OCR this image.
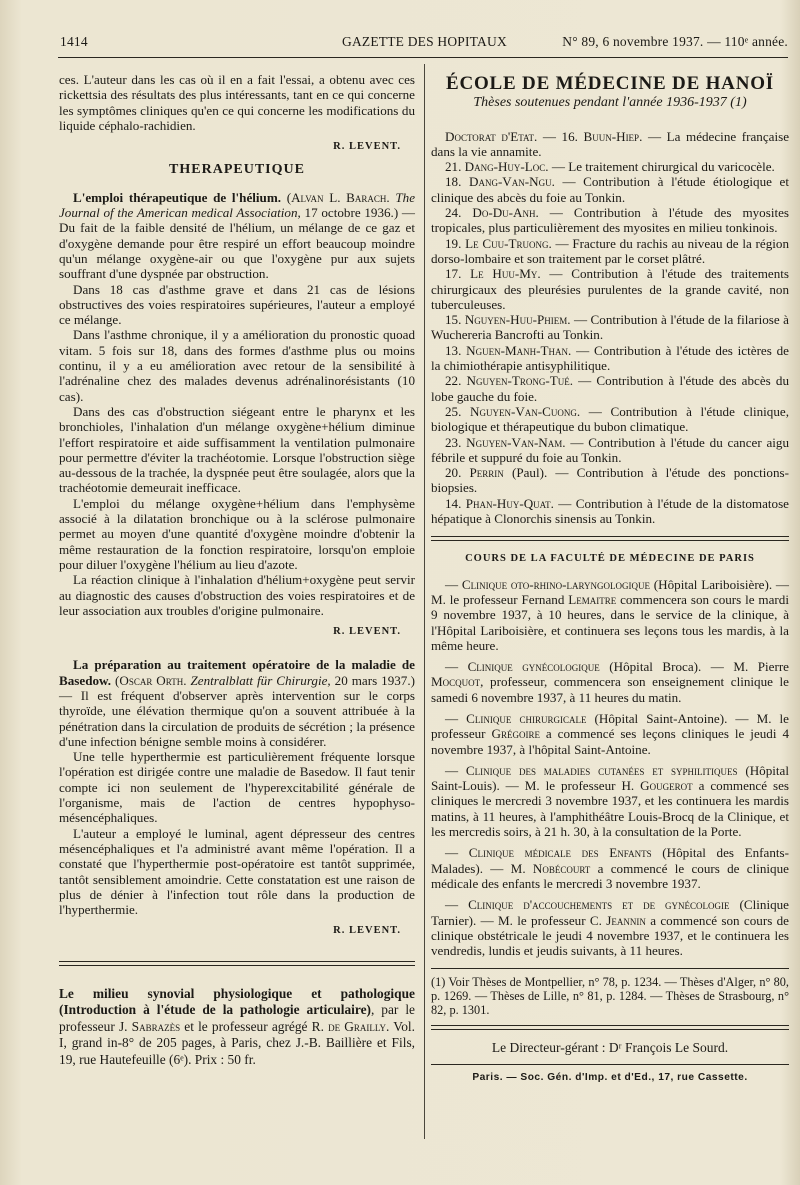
1414	GAZETTE DES HOPITAUX	N° 89, 6 novembre 1937. — 110ᵉ année.

ces. L'auteur dans les cas où il en a fait l'essai, a obtenu avec ces rickettsia des résultats des plus intéressants, tant en ce qui concerne les symptômes cliniques qu'en ce qui concerne les modifications du liquide céphalo-rachidien.

R. LEVENT.
THERAPEUTIQUE

L'emploi thérapeutique de l'hélium. (Alvan L. Barach. The Journal of the American medical Association, 17 octobre 1936.) — Du fait de la faible densité de l'hélium, un mélange de ce gaz et d'oxygène demande pour être respiré un effort beaucoup moindre qu'un mélange oxygène-air ou que l'oxygène pur aux sujets souffrant d'une dyspnée par obstruction.

Dans 18 cas d'asthme grave et dans 21 cas de lésions obstructives des voies respiratoires supérieures, l'auteur a employé ce mélange.

Dans l'asthme chronique, il y a amélioration du pronostic quoad vitam. 5 fois sur 18, dans des formes d'asthme plus ou moins continu, il y a eu amélioration avec retour de la sensibilité à l'adrénaline chez des malades devenus adrénalinorésistants (10 cas).

Dans des cas d'obstruction siégeant entre le pharynx et les bronchioles, l'inhalation d'un mélange oxygène+hélium diminue l'effort respiratoire et aide suffisamment la ventilation pulmonaire pour permettre d'éviter la trachéotomie. Lorsque l'obstruction siège au-dessous de la trachée, la dyspnée peut être soulagée, alors que la trachéotomie demeurait inefficace.

L'emploi du mélange oxygène+hélium dans l'emphysème associé à la dilatation bronchique ou à la sclérose pulmonaire permet au moyen d'une quantité d'oxygène moindre d'obtenir la même restauration de la fonction respiratoire, lorsqu'on emploie pour diluer l'oxygène l'hélium au lieu d'azote.

La réaction clinique à l'inhalation d'hélium+oxygène peut servir au diagnostic des causes d'obstruction des voies respiratoires et de leur association aux troubles d'origine pulmonaire.

R. LEVENT.

La préparation au traitement opératoire de la maladie de Basedow. (Oscar Orth. Zentralblatt für Chirurgie, 20 mars 1937.) — Il est fréquent d'observer après intervention sur le corps thyroïde, une élévation thermique qu'on a souvent attribuée à la pénétration dans la circulation de produits de sécrétion ; la présence d'une infection bénigne semble moins à considérer.

Une telle hyperthermie est particulièrement fréquente lorsque l'opération est dirigée contre une maladie de Basedow. Il faut tenir compte ici non seulement de l'hyperexcitabilité générale de l'organisme, mais de l'action de centres hypophyso-mésencéphaliques.

L'auteur a employé le luminal, agent dépresseur des centres mésencéphaliques et l'a administré avant même l'opération. Il a constaté que l'hyperthermie post-opératoire est tantôt supprimée, tantôt sensiblement amoindrie. Cette constatation est une raison de plus de dénier à l'infection tout rôle dans la production de l'hyperthermie.

R. LEVENT.

Le milieu synovial physiologique et pathologique (Introduction à l'étude de la pathologie articulaire), par le professeur J. Sabrazès et le professeur agrégé R. de Grailly. Vol. I, grand in-8° de 205 pages, à Paris, chez J.-B. Baillière et Fils, 19, rue Hautefeuille (6ᵉ). Prix : 50 fr.

ÉCOLE DE MÉDECINE DE HANOÏ
Thèses soutenues pendant l'année 1936-1937 (1)

Doctorat d'Etat. — 16. Buun-Hiep. — La médecine française dans la vie annamite.

21. Dang-Huy-Loc. — Le traitement chirurgical du varicocèle.

18. Dang-Van-Ngu. — Contribution à l'étude étiologique et clinique des abcès du foie au Tonkin.

24. Do-Du-Anh. — Contribution à l'étude des myosites tropicales, plus particulièrement des myosites en milieu tonkinois.

19. Le Cuu-Truong. — Fracture du rachis au niveau de la région dorso-lombaire et son traitement par le corset plâtré.

17. Le Huu-My. — Contribution à l'étude des traitements chirurgicaux des pleurésies purulentes de la grande cavité, non tuberculeuses.

15. Nguyen-Huu-Phiem. — Contribution à l'étude de la filariose à Wuchereria Bancrofti au Tonkin.

13. Nguen-Manh-Than. — Contribution à l'étude des ictères de la chimiothérapie antisyphilitique.

22. Nguyen-Trong-Tué. — Contribution à l'étude des abcès du lobe gauche du foie.

25. Nguyen-Van-Cuong. — Contribution à l'étude clinique, biologique et thérapeutique du bubon climatique.

23. Nguyen-Van-Nam. — Contribution à l'étude du cancer aigu fébrile et suppuré du foie au Tonkin.

20. Perrin (Paul). — Contribution à l'étude des ponctions-biopsies.

14. Phan-Huy-Quat. — Contribution à l'étude de la distomatose hépatique à Clonorchis sinensis au Tonkin.

COURS DE LA FACULTÉ DE MÉDECINE DE PARIS

— Clinique oto-rhino-laryngologique (Hôpital Lariboisière). — M. le professeur Fernand Lemaitre commencera son cours le mardi 9 novembre 1937, à 10 heures, dans le service de la clinique, à l'Hôpital Lariboisière, et continuera ses leçons tous les mardis, à la même heure.

— Clinique gynécologique (Hôpital Broca). — M. Pierre Mocquot, professeur, commencera son enseignement clinique le samedi 6 novembre 1937, à 11 heures du matin.

— Clinique chirurgicale (Hôpital Saint-Antoine). — M. le professeur Grégoire a commencé ses leçons cliniques le jeudi 4 novembre 1937, à l'hôpital Saint-Antoine.

— Clinique des maladies cutanées et syphilitiques (Hôpital Saint-Louis). — M. le professeur H. Gougerot a commencé ses cliniques le mercredi 3 novembre 1937, et les continuera les mardis matins, à 11 heures, à l'amphithéâtre Louis-Brocq de la Clinique, et les mercredis soirs, à 21 h. 30, à la consultation de la Porte.

— Clinique médicale des Enfants (Hôpital des Enfants-Malades). — M. Nobécourt a commencé le cours de clinique médicale des enfants le mercredi 3 novembre 1937.

— Clinique d'accouchements et de gynécologie (Clinique Tarnier). — M. le professeur C. Jeannin a commencé son cours de clinique obstétricale le jeudi 4 novembre 1937, et le continuera les vendredis, lundis et jeudis suivants, à 11 heures.

(1) Voir Thèses de Montpellier, n° 78, p. 1234. — Thèses d'Alger, n° 80, p. 1269. — Thèses de Lille, n° 81, p. 1284. — Thèses de Strasbourg, n° 82, p. 1301.

Le Directeur-gérant : Dʳ François Le Sourd.
Paris. — Soc. Gén. d'Imp. et d'Ed., 17, rue Cassette.
